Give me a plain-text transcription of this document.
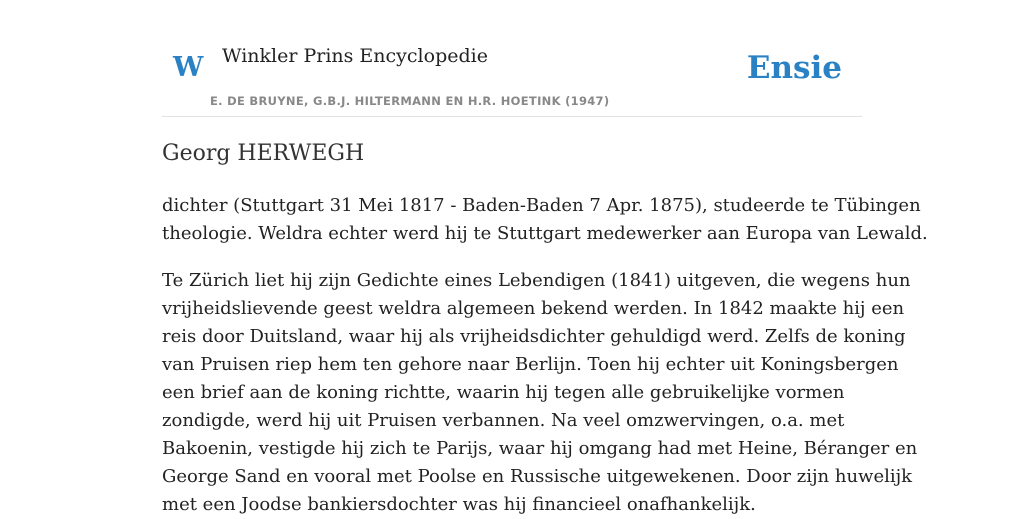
W Winkler Prins Encyclopedie
E. DE BRUYNE, G.B.J. HILTERMANN EN H.R. HOETINK (1947)
Ensie
Georg HERWEGH

dichter (Stuttgart 31 Mei 1817 - Baden-Baden 7 Apr. 1875), studeerde te Tübingen
theologie. Weldra echter werd hij te Stuttgart medewerker aan Europa van Lewald.

Te Zürich liet hij zijn Gedichte eines Lebendigen (1841) uitgeven, die wegens hun
vrijheidslievende geest weldra algemeen bekend werden. In 1842 maakte hij een
reis door Duitsland, waar hij als vrijheidsdichter gehuldigd werd. Zelfs de koning
van Pruisen riep hem ten gehore naar Berlijn. Toen hij echter uit Koningsbergen
een brief aan de koning richtte, waarin hij tegen alle gebruikelijke vormen
zondigde, werd hij uit Pruisen verbannen. Na veel omzwervingen, o.a. met
Bakoenin, vestigde hij zich te Parijs, waar hij omgang had met Heine, Béranger en
George Sand en vooral met Poolse en Russische uitgewekenen. Door zijn huwelijk
met een Joodse bankiersdochter was hij financieel onafhankelijk.
